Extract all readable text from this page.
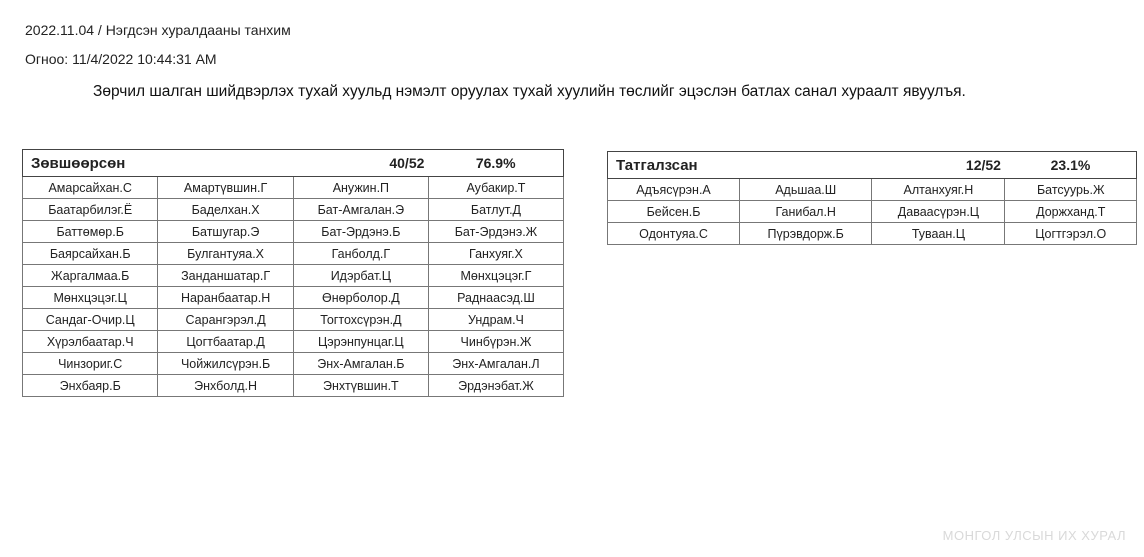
2022.11.04 / Нэгдсэн хуралдааны танхим
Огноо: 11/4/2022 10:44:31 AM
Зөрчил шалган шийдвэрлэх тухай хуульд нэмэлт оруулах тухай хуулийн төслийг эцэслэн батлах санал хураалт явуулъя.
Зөвшөөрсөн		40/52	76.9%
Амарсайхан.С	Амартүвшин.Г	Анужин.П	Аубакир.Т
Баатарбилэг.Ё	Баделхан.Х	Бат-Амгалан.Э	Батлут.Д
Баттөмөр.Б	Батшугар.Э	Бат-Эрдэнэ.Б	Бат-Эрдэнэ.Ж
Баярсайхан.Б	Булгантуяа.Х	Ганболд.Г	Ганхуяг.Х
Жаргалмаа.Б	Занданшатар.Г	Идэрбат.Ц	Мөнхцэцэг.Г
Мөнхцэцэг.Ц	Наранбаатар.Н	Өнөрболор.Д	Раднаасэд.Ш
Сандаг-Очир.Ц	Сарангэрэл.Д	Тогтохсүрэн.Д	Ундрам.Ч
Хүрэлбаатар.Ч	Цогтбаатар.Д	Цэрэнпунцаг.Ц	Чинбүрэн.Ж
Чинзориг.С	Чойжилсүрэн.Б	Энх-Амгалан.Б	Энх-Амгалан.Л
Энхбаяр.Б	Энхболд.Н	Энхтүвшин.Т	Эрдэнэбат.Ж
Татгалзсан		12/52	23.1%
Адъясүрэн.А	Адьшаа.Ш	Алтанхуяг.Н	Батсуурь.Ж
Бейсен.Б	Ганибал.Н	Даваасүрэн.Ц	Доржханд.Т
Одонтуяа.С	Пүрэвдорж.Б	Туваан.Ц	Цогтгэрэл.О
МОНГОЛ УЛСЫН ИХ ХУРАЛ
